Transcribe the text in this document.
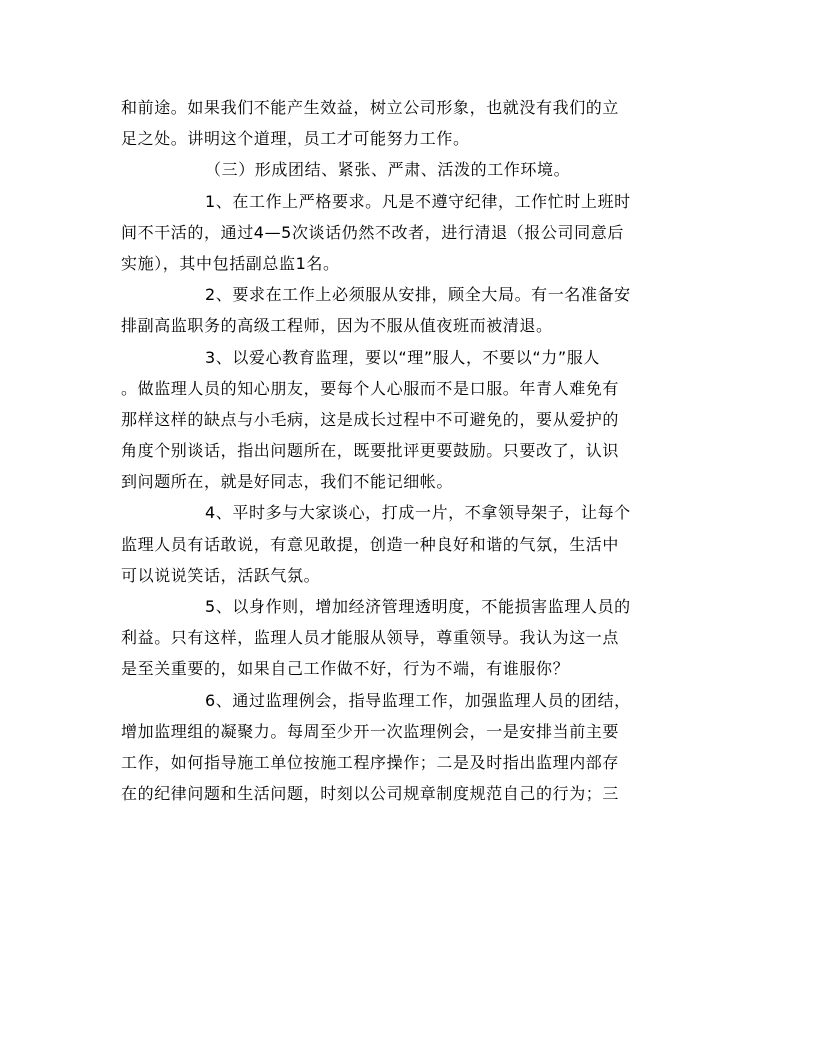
和前途。如果我们不能产生效益，树立公司形象，也就没有我们的立
足之处。讲明这个道理，员工才可能努力工作。
（三）形成团结、紧张、严肃、活泼的工作环境。
1、在工作上严格要求。凡是不遵守纪律，工作忙时上班时
间不干活的，通过4—5次谈话仍然不改者，进行清退（报公司同意后
实施），其中包括副总监1名。
2、要求在工作上必须服从安排，顾全大局。有一名准备安
排副高监职务的高级工程师，因为不服从值夜班而被清退。
3、以爱心教育监理，要以“理”服人，不要以“力”服人
。做监理人员的知心朋友，要每个人心服而不是口服。年青人难免有
那样这样的缺点与小毛病，这是成长过程中不可避免的，要从爱护的
角度个别谈话，指出问题所在，既要批评更要鼓励。只要改了，认识
到问题所在，就是好同志，我们不能记细帐。
4、平时多与大家谈心，打成一片，不拿领导架子，让每个
监理人员有话敢说，有意见敢提，创造一种良好和谐的气氛，生活中
可以说说笑话，活跃气氛。
5、以身作则，增加经济管理透明度，不能损害监理人员的
利益。只有这样，监理人员才能服从领导，尊重领导。我认为这一点
是至关重要的，如果自己工作做不好，行为不端，有谁服你？
6、通过监理例会，指导监理工作，加强监理人员的团结，
增加监理组的凝聚力。每周至少开一次监理例会，一是安排当前主要
工作，如何指导施工单位按施工程序操作；二是及时指出监理内部存
在的纪律问题和生活问题，时刻以公司规章制度规范自己的行为；三
